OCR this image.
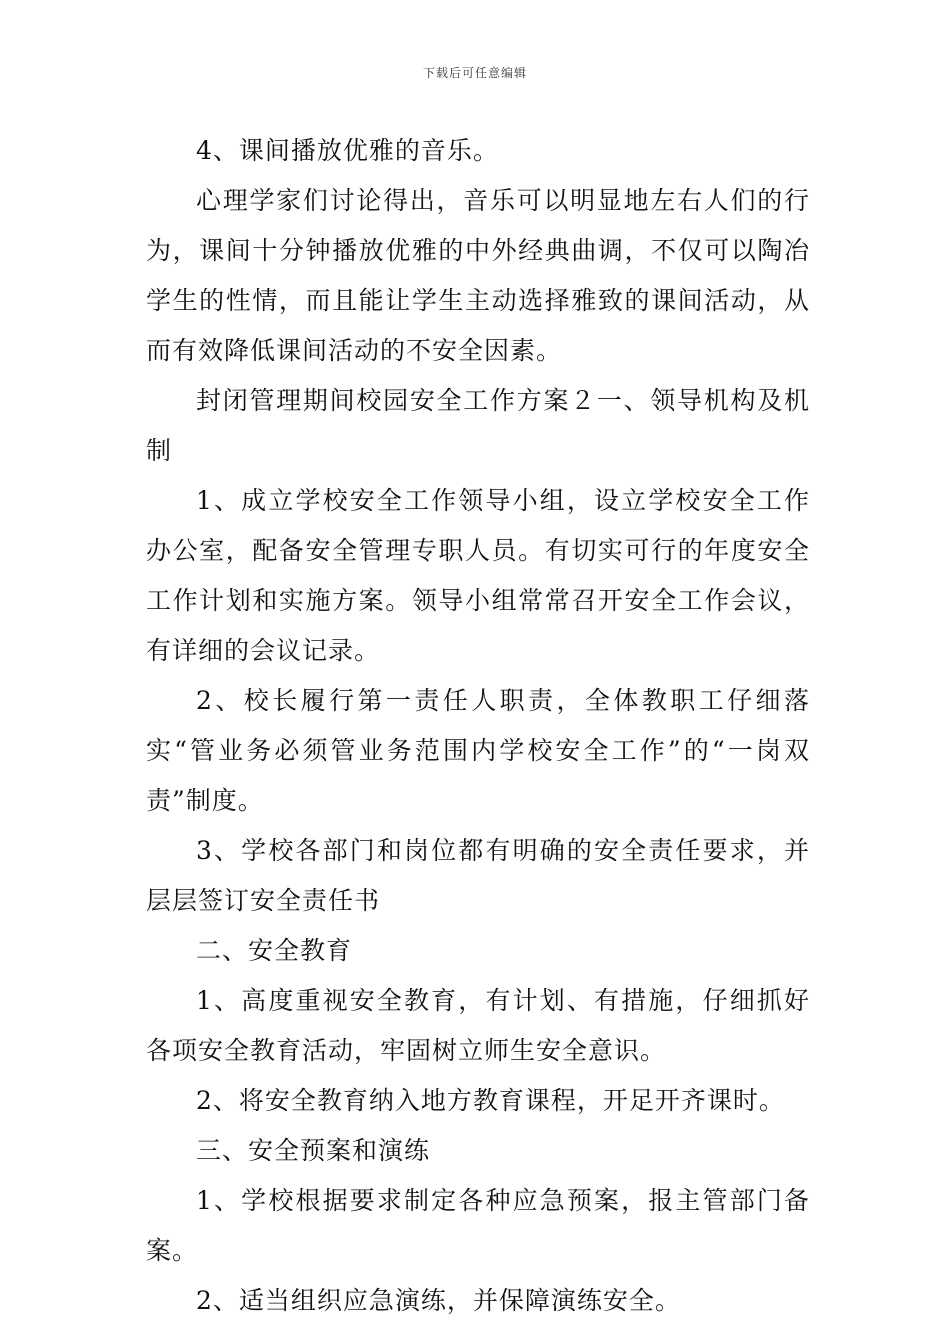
下载后可任意编辑

4、课间播放优雅的音乐。

心理学家们讨论得出，音乐可以明显地左右人们的行为，课间十分钟播放优雅的中外经典曲调，不仅可以陶冶学生的性情，而且能让学生主动选择雅致的课间活动，从而有效降低课间活动的不安全因素。

封闭管理期间校园安全工作方案２一、领导机构及机制

1、成立学校安全工作领导小组，设立学校安全工作办公室，配备安全管理专职人员。有切实可行的年度安全工作计划和实施方案。领导小组常常召开安全工作会议，有详细的会议记录。

2、校长履行第一责任人职责，全体教职工仔细落实“管业务必须管业务范围内学校安全工作”的“一岗双责”制度。

3、学校各部门和岗位都有明确的安全责任要求，并层层签订安全责任书

二、安全教育

1、高度重视安全教育，有计划、有措施，仔细抓好各项安全教育活动，牢固树立师生安全意识。

2、将安全教育纳入地方教育课程，开足开齐课时。

三、安全预案和演练

1、学校根据要求制定各种应急预案，报主管部门备案。

2、适当组织应急演练，并保障演练安全。
